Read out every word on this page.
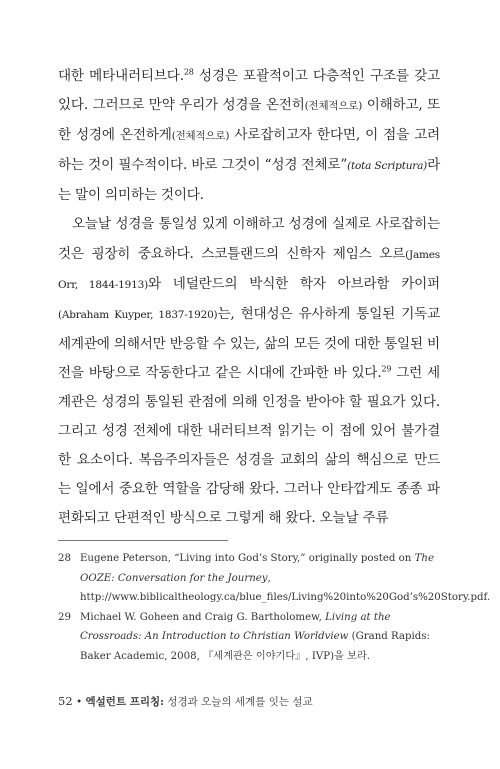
대한 메타내러티브다.$^{28}$ 성경은 포괄적이고 다층적인 구조를 갖고 있다. 그러므로 만약 우리가 성경을 온전히(전체적으로) 이해하고, 또한 성경에 온전하게(전체적으로) 사로잡히고자 한다면, 이 점을 고려하는 것이 필수적이다. 바로 그것이 “성경 전체로”(tota Scriptura)라는 말이 의미하는 것이다.

오늘날 성경을 통일성 있게 이해하고 성경에 실제로 사로잡히는 것은 굉장히 중요하다. 스코틀랜드의 신학자 제임스 오르(James Orr, 1844-1913)와 네덜란드의 박식한 학자 아브라함 카이퍼(Abraham Kuyper, 1837-1920)는, 현대성은 유사하게 통일된 기독교 세계관에 의해서만 반응할 수 있는, 삶의 모든 것에 대한 통일된 비전을 바탕으로 작동한다고 같은 시대에 간파한 바 있다.$^{29}$ 그런 세계관은 성경의 통일된 관점에 의해 인정을 받아야 할 필요가 있다. 그리고 성경 전체에 대한 내러티브적 읽기는 이 점에 있어 불가결한 요소이다. 복음주의자들은 성경을 교회의 삶의 핵심으로 만드는 일에서 중요한 역할을 감당해 왔다. 그러나 안타깝게도 종종 파편화되고 단편적인 방식으로 그렇게 해 왔다. 오늘날 주류

28 Eugene Peterson, “Living into God’s Story,” originally posted on The OOZE: Conversation for the Journey, http://www.biblicaltheology.ca/blue_files/Living%20into%20God’s%20Story.pdf.

29 Michael W. Goheen and Craig G. Bartholomew, Living at the Crossroads: An Introduction to Christian Worldview (Grand Rapids: Baker Academic, 2008, 『세계관은 이야기다』, IVP)을 보라.

52 • 엑설런트 프리칭: 성경과 오늘의 세계를 잇는 설교
